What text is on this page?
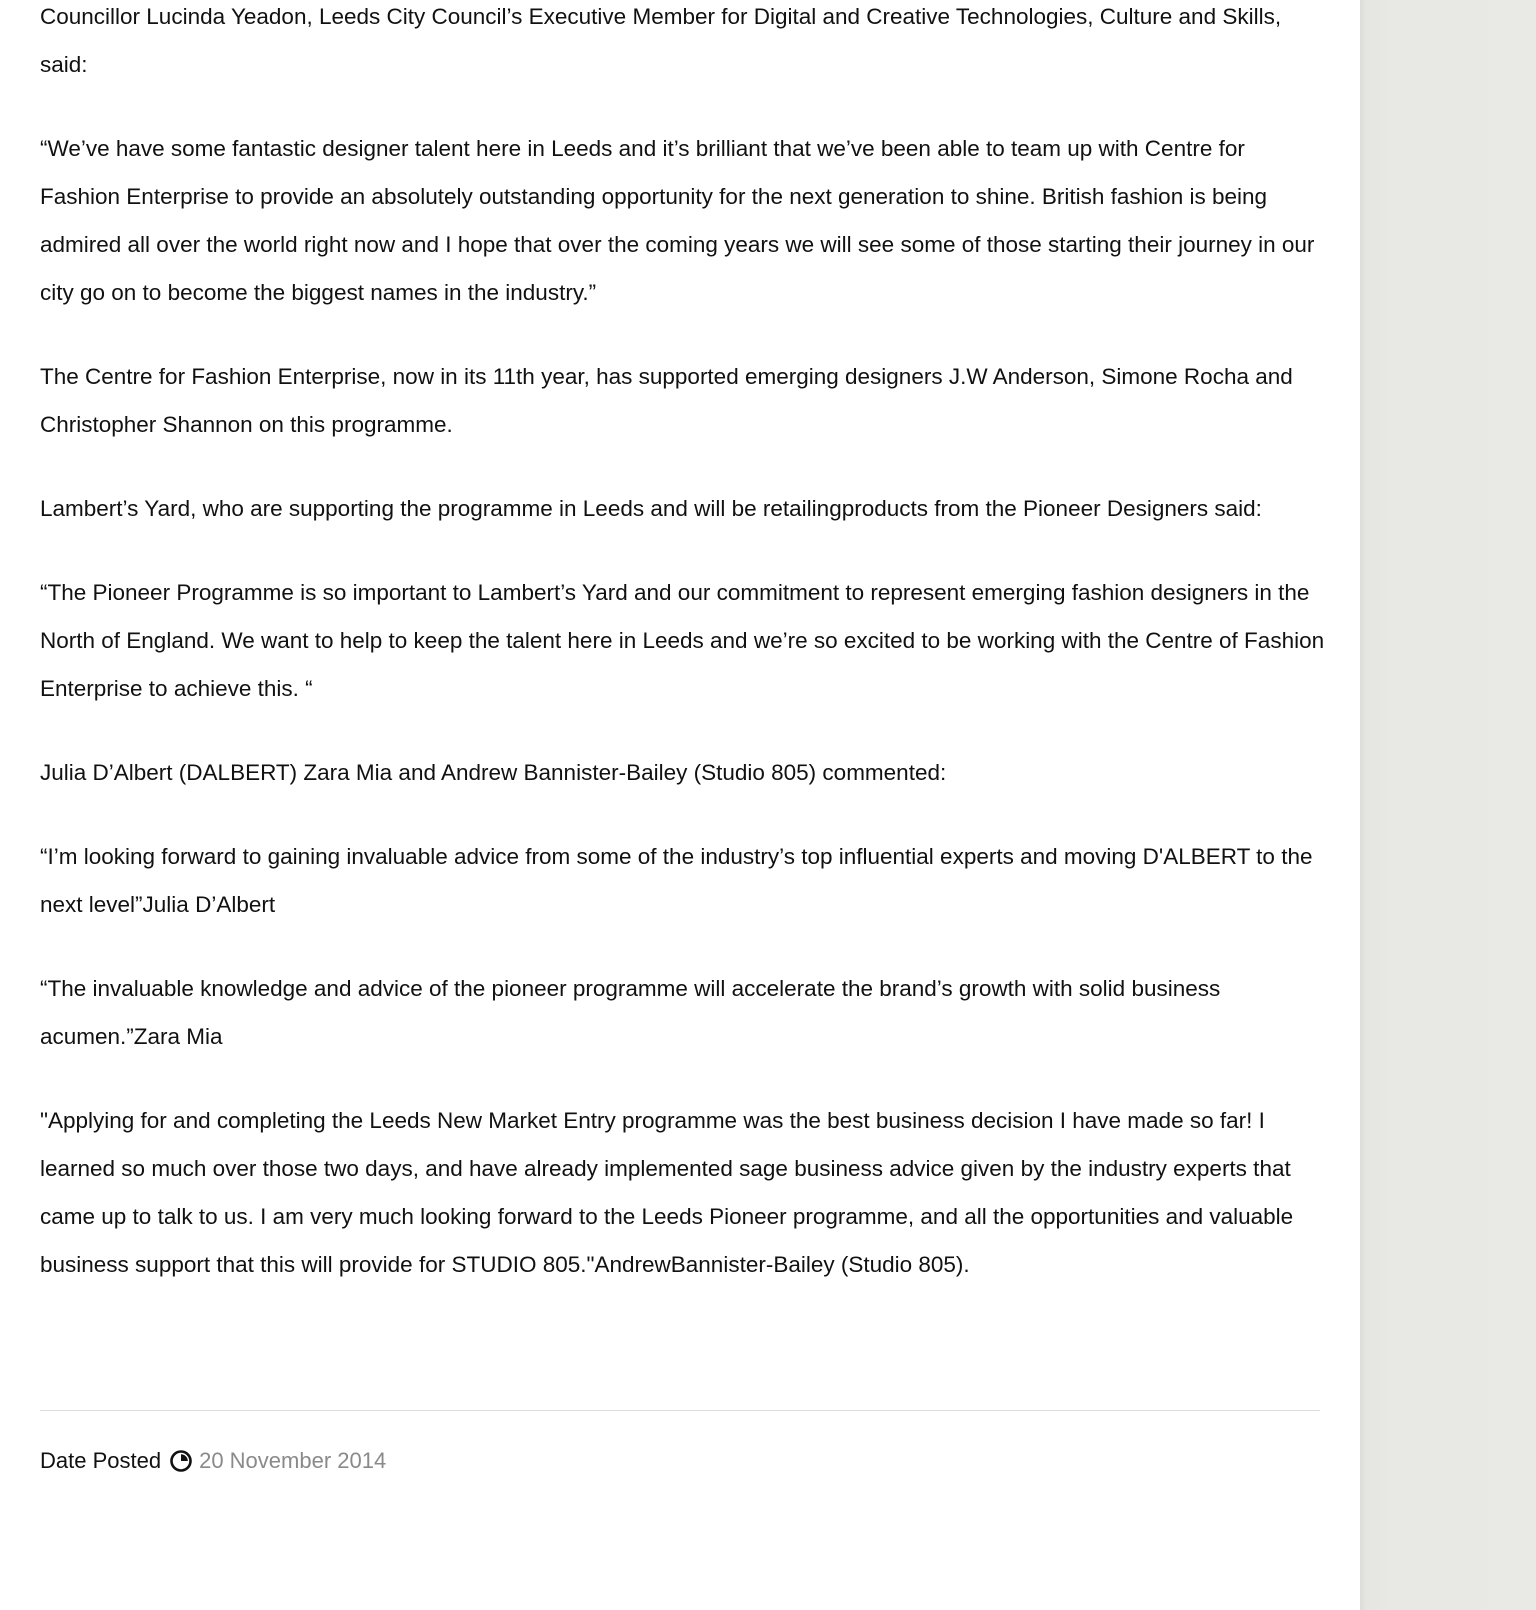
Councillor Lucinda Yeadon, Leeds City Council’s Executive Member for Digital and Creative Technologies, Culture and Skills, said:

“We’ve have some fantastic designer talent here in Leeds and it’s brilliant that we’ve been able to team up with Centre for Fashion Enterprise to provide an absolutely outstanding opportunity for the next generation to shine. British fashion is being admired all over the world right now and I hope that over the coming years we will see some of those starting their journey in our city go on to become the biggest names in the industry.”

The Centre for Fashion Enterprise, now in its 11th year, has supported emerging designers J.W Anderson, Simone Rocha and Christopher Shannon on this programme.

Lambert’s Yard, who are supporting the programme in Leeds and will be retailingproducts from the Pioneer Designers said:

“The Pioneer Programme is so important to Lambert’s Yard and our commitment to represent emerging fashion designers in the North of England. We want to help to keep the talent here in Leeds and we’re so excited to be working with the Centre of Fashion Enterprise to achieve this. “

Julia D’Albert (DALBERT) Zara Mia and Andrew Bannister-Bailey (Studio 805) commented:

“I’m looking forward to gaining invaluable advice from some of the industry’s top influential experts and moving D'ALBERT to the next level”Julia D’Albert

“The invaluable knowledge and advice of the pioneer programme will accelerate the brand’s growth with solid business acumen.”Zara Mia

"Applying for and completing the Leeds New Market Entry programme was the best business decision I have made so far! I learned so much over those two days, and have already implemented sage business advice given by the industry experts that came up to talk to us. I am very much looking forward to the Leeds Pioneer programme, and all the opportunities and valuable business support that this will provide for STUDIO 805."AndrewBannister-Bailey (Studio 805).

Date Posted 20 November 2014
